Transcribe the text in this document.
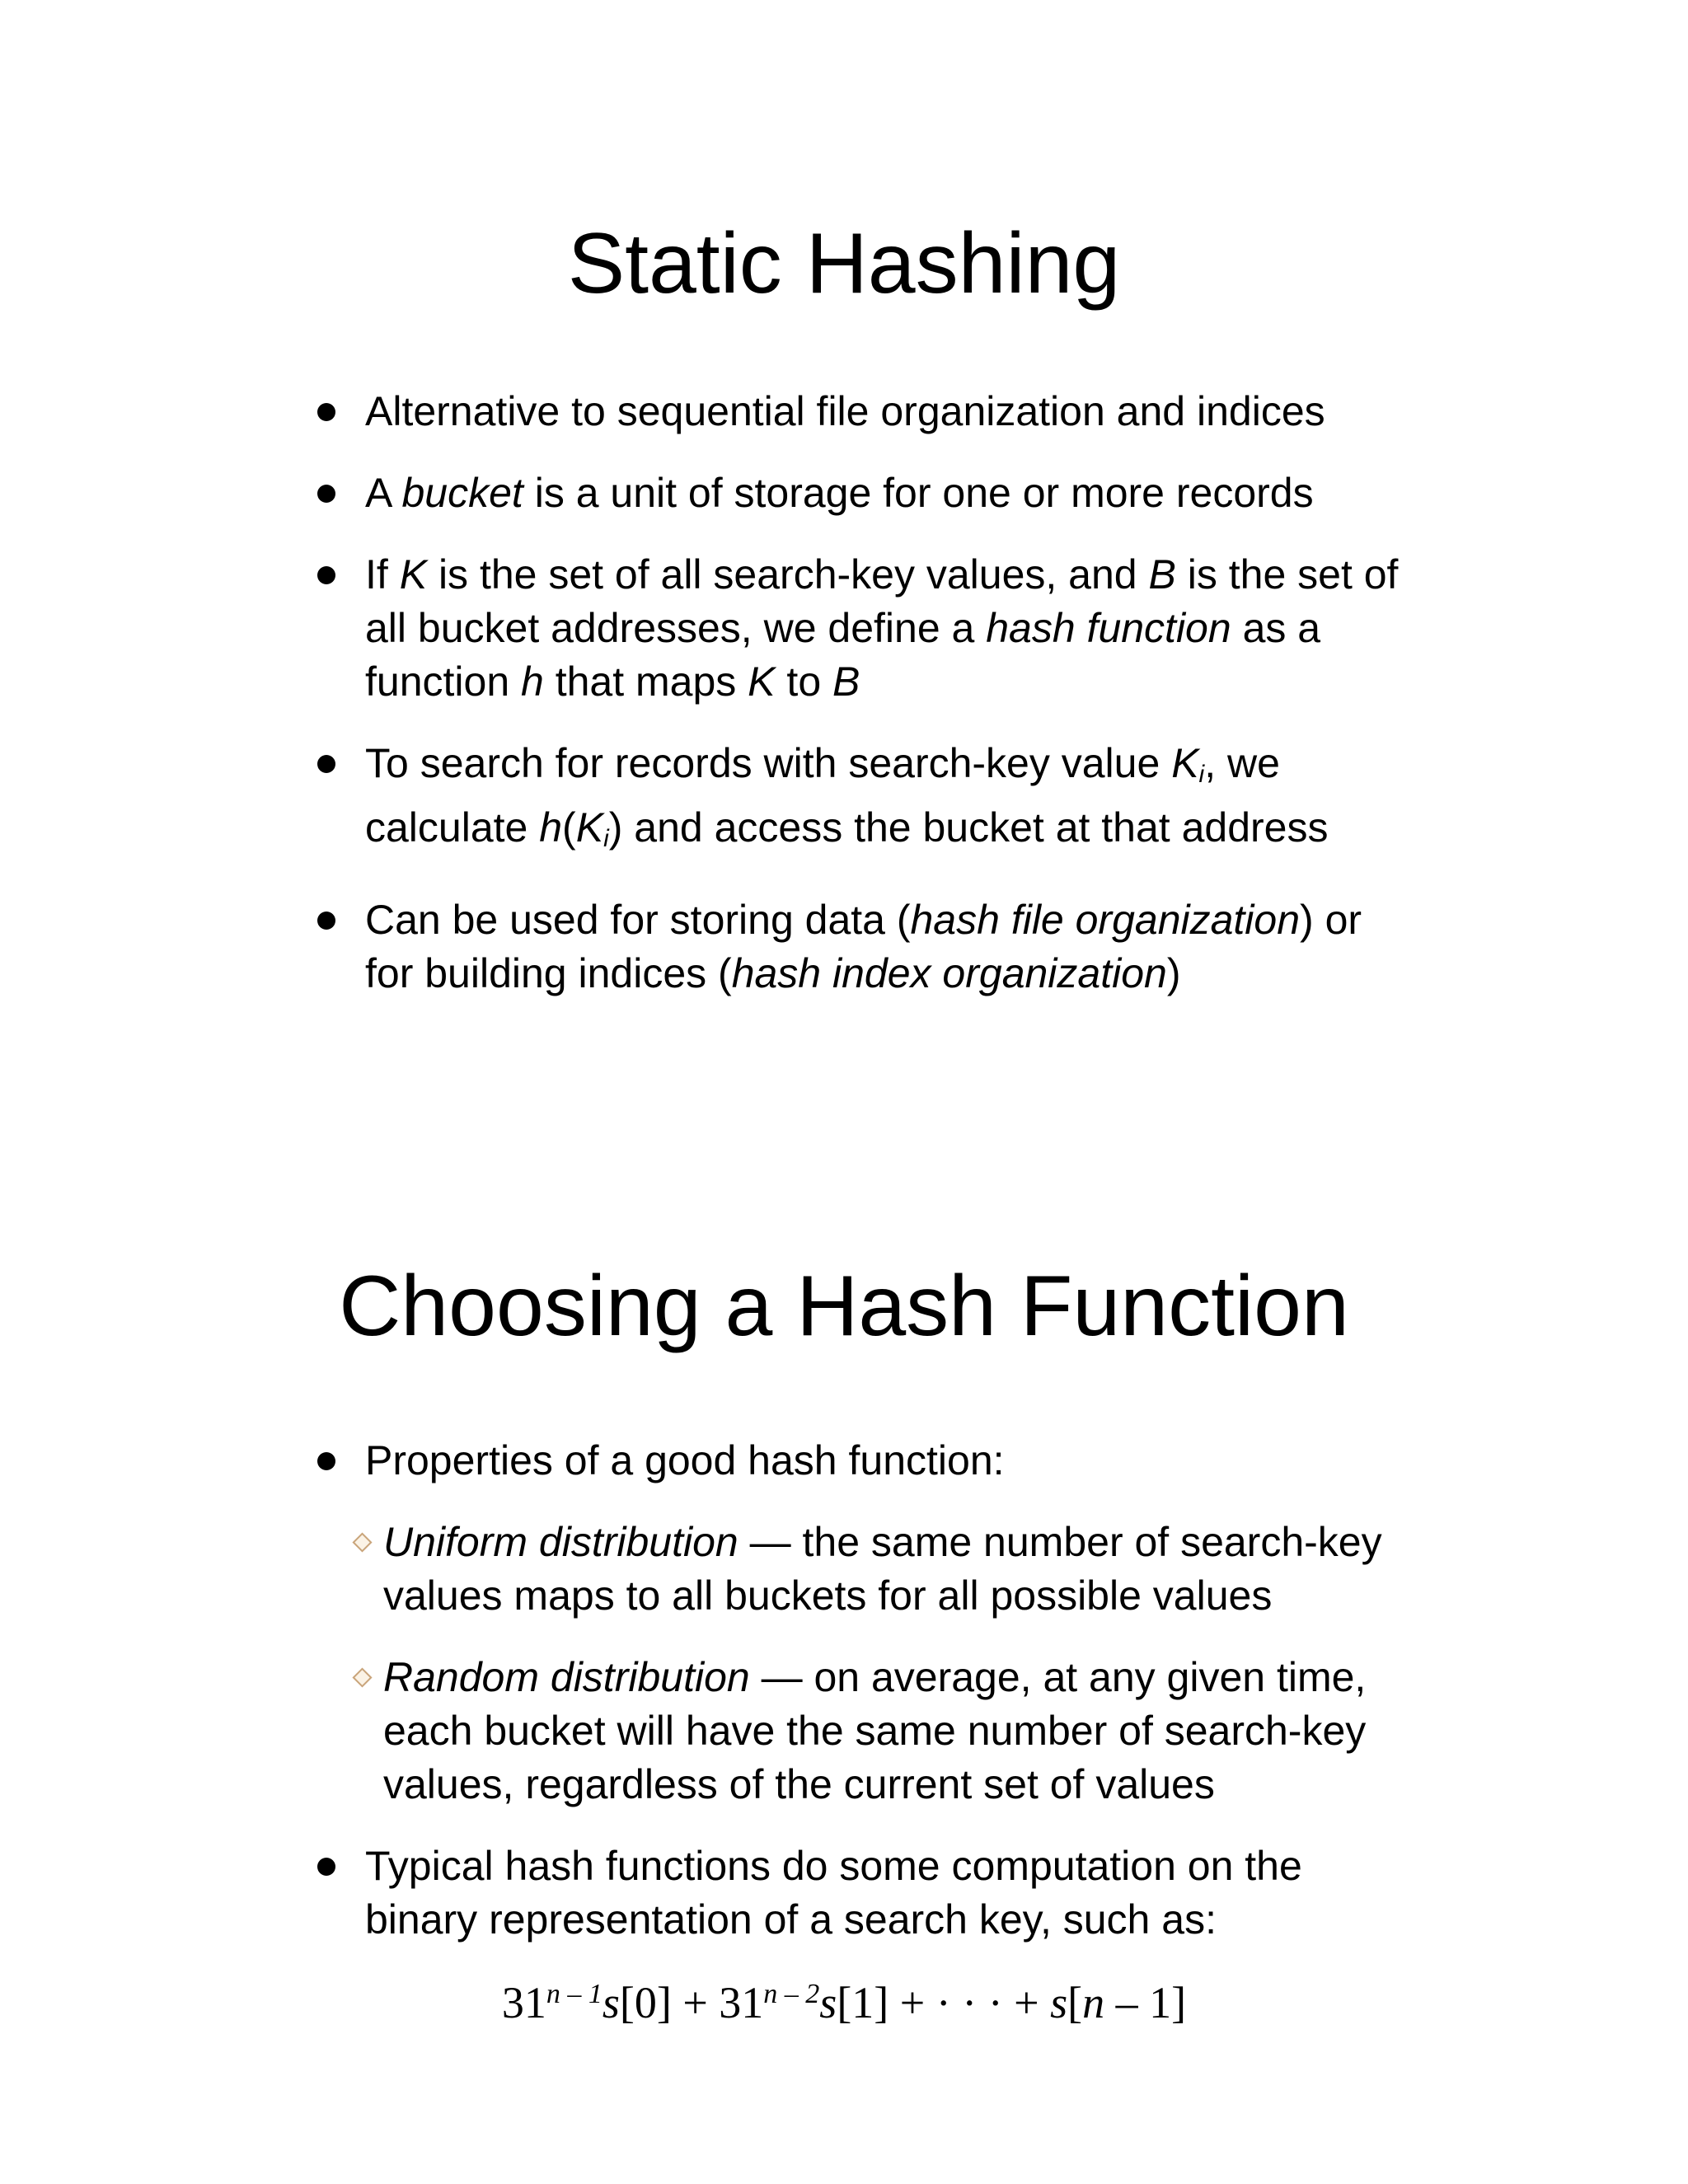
Static Hashing
Alternative to sequential file organization and indices
A bucket is a unit of storage for one or more records
If K is the set of all search-key values, and B is the set of all bucket addresses, we define a hash function as a function h that maps K to B
To search for records with search-key value $K_i$, we calculate $h(K_i)$ and access the bucket at that address
Can be used for storing data (hash file organization) or for building indices (hash index organization)
Choosing a Hash Function
Properties of a good hash function:
Uniform distribution — the same number of search-key values maps to all buckets for all possible values
Random distribution — on average, at any given time, each bucket will have the same number of search-key values, regardless of the current set of values
Typical hash functions do some computation on the binary representation of a search key, such as:
$31^{n - 1}s[0] + 31^{n - 2}s[1]$ + · · · + s[n – 1]
